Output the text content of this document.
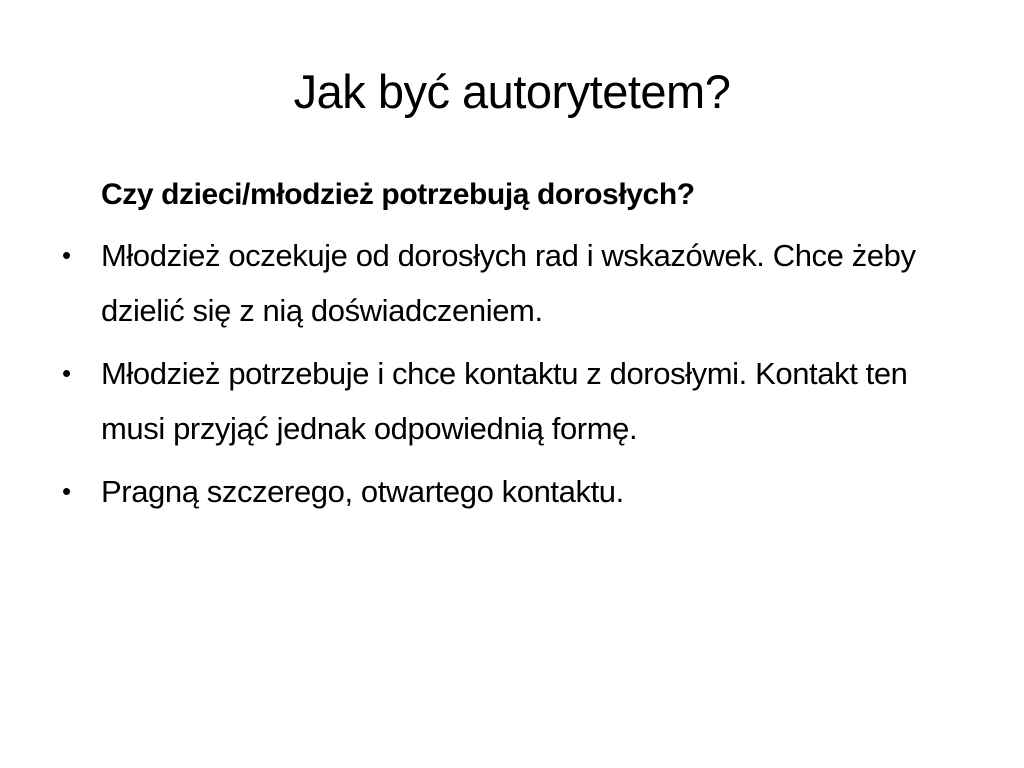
Jak być autorytetem?

Czy dzieci/młodzież potrzebują dorosłych?

• Młodzież oczekuje od dorosłych rad i wskazówek. Chce żeby dzielić się z nią doświadczeniem.
• Młodzież potrzebuje i chce kontaktu z dorosłymi. Kontakt ten musi przyjąć jednak odpowiednią formę.
• Pragną szczerego, otwartego kontaktu.
